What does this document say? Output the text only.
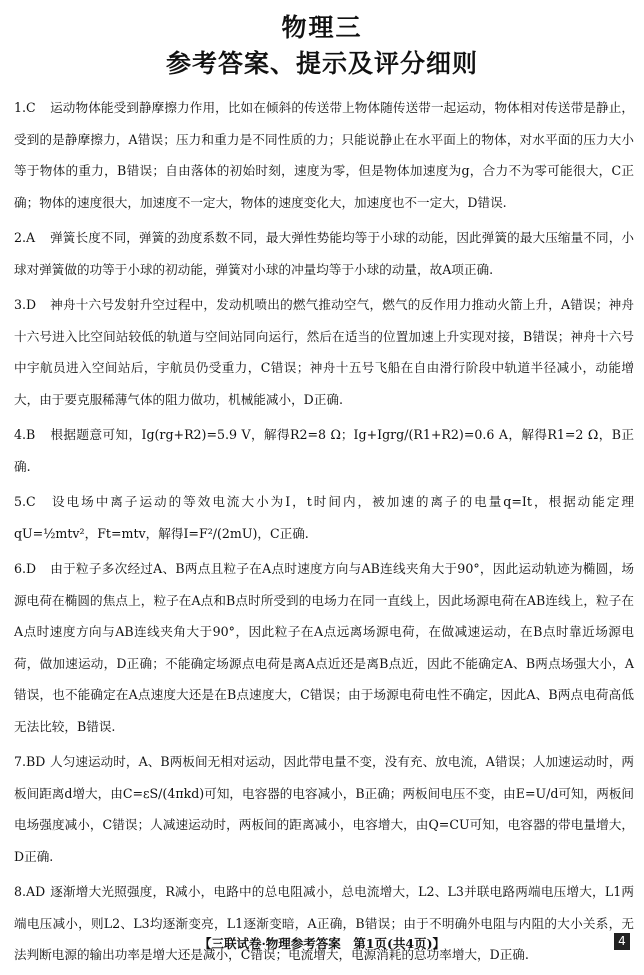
物理三
参考答案、提示及评分细则
1.C 运动物体能受到静摩擦力作用，比如在倾斜的传送带上物体随传送带一起运动，物体相对传送带是静止，受到的是静摩擦力，A错误；压力和重力是不同性质的力；只能说静止在水平面上的物体，对水平面的压力大小等于物体的重力，B错误；自由落体的初始时刻，速度为零，但是物体加速度为g，合力不为零可能很大，C正确；物体的速度很大，加速度不一定大，物体的速度变化大，加速度也不一定大，D错误.
2.A 弹簧长度不同，弹簧的劲度系数不同，最大弹性势能均等于小球的动能，因此弹簧的最大压缩量不同，小球对弹簧做的功等于小球的初动能，弹簧对小球的冲量均等于小球的动量，故A项正确.
3.D 神舟十六号发射升空过程中，发动机喷出的燃气推动空气，燃气的反作用力推动火箭上升，A错误；神舟十六号进入比空间站较低的轨道与空间站同向运行，然后在适当的位置加速上升实现对接，B错误；神舟十六号中宇航员进入空间站后，宇航员仍受重力，C错误；神舟十五号飞船在自由滑行阶段中轨道半径减小，动能增大，由于要克服稀薄气体的阻力做功，机械能减小，D正确.
4.B 根据题意可知，Ig(rg+R2)=5.9 V，解得R2=8 Ω；Ig+Igrg/(R1+R2)=0.6 A，解得R1=2 Ω，B正确.
5.C 设电场中离子运动的等效电流大小为I，t时间内，被加速的离子的电量q=It，根据动能定理qU=½mtv²，Ft=mtv，解得I=F²/(2mU)，C正确.
6.D 由于粒子多次经过A、B两点且粒子在A点时速度方向与AB连线夹角大于90°，因此运动轨迹为椭圆，场源电荷在椭圆的焦点上，粒子在A点和B点时所受到的电场力在同一直线上，因此场源电荷在AB连线上，粒子在A点时速度方向与AB连线夹角大于90°，因此粒子在A点远离场源电荷，在做减速运动，在B点时靠近场源电荷，做加速运动，D正确；不能确定场源点电荷是离A点近还是离B点近，因此不能确定A、B两点场强大小，A错误，也不能确定在A点速度大还是在B点速度大，C错误；由于场源电荷电性不确定，因此A、B两点电荷高低无法比较，B错误.
7.BD 人匀速运动时，A、B两板间无相对运动，因此带电量不变，没有充、放电流，A错误；人加速运动时，两板间距离d增大，由C=εS/(4πkd)可知，电容器的电容减小，B正确；两板间电压不变，由E=U/d可知，两板间电场强度减小，C错误；人减速运动时，两板间的距离减小，电容增大，由Q=CU可知，电容器的带电量增大，D正确.
8.AD 逐渐增大光照强度，R减小，电路中的总电阻减小，总电流增大，L2、L3并联电路两端电压增大，L1两端电压减小，则L2、L3均逐渐变亮，L1逐渐变暗，A正确，B错误；由于不明确外电阻与内阻的大小关系，无法判断电源的输出功率是增大还是减小，C错误；电流增大，电源消耗的总功率增大，D正确.
【三联试卷·物理参考答案　第1页(共4页)】	4
